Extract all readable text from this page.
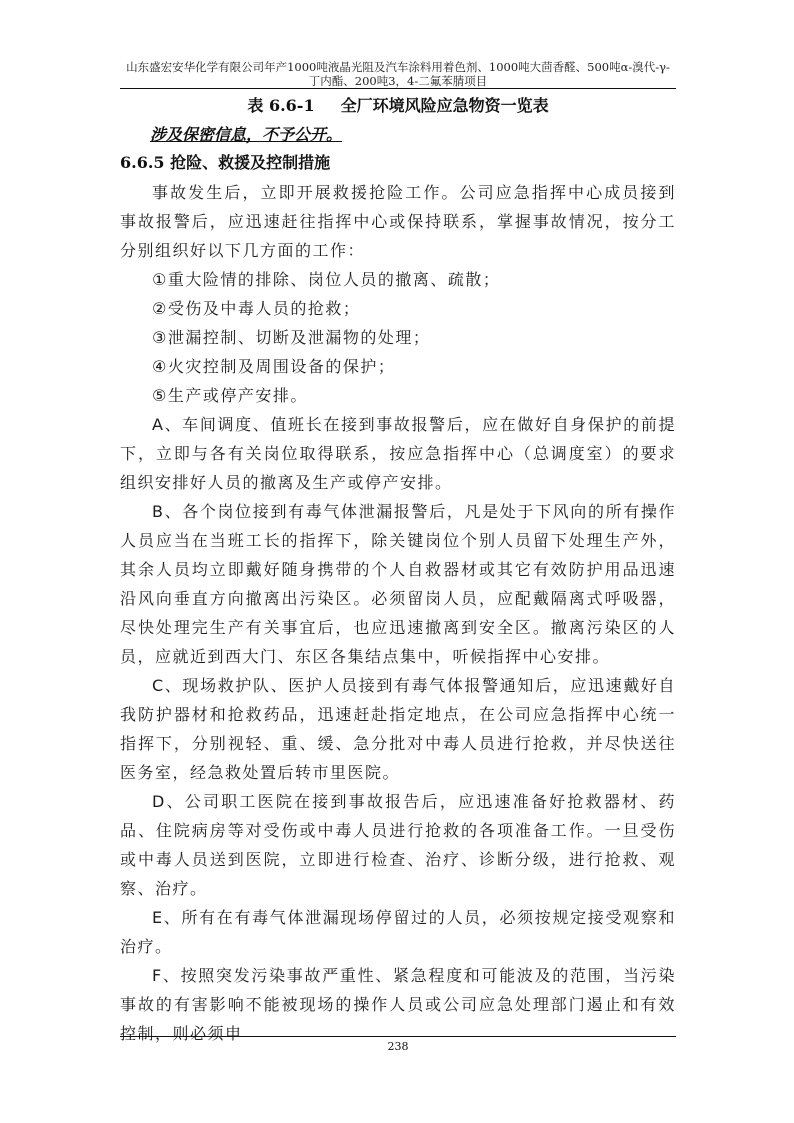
山东盛宏安华化学有限公司年产1000吨液晶光阻及汽车涂料用着色剂、1000吨大茴香醛、500吨α-溴代-γ-
丁内酯、200吨3，4-二氟苯腈项目
表 6.6-1 全厂环境风险应急物资一览表
涉及保密信息，不予公开。
6.6.5 抢险、救援及控制措施

事故发生后，立即开展救援抢险工作。公司应急指挥中心成员接到事故报警后，应迅速赶往指挥中心或保持联系，掌握事故情况，按分工分别组织好以下几方面的工作：

①重大险情的排除、岗位人员的撤离、疏散；

②受伤及中毒人员的抢救；

③泄漏控制、切断及泄漏物的处理；

④火灾控制及周围设备的保护；

⑤生产或停产安排。

A、车间调度、值班长在接到事故报警后，应在做好自身保护的前提下，立即与各有关岗位取得联系，按应急指挥中心（总调度室）的要求组织安排好人员的撤离及生产或停产安排。

B、各个岗位接到有毒气体泄漏报警后，凡是处于下风向的所有操作人员应当在当班工长的指挥下，除关键岗位个别人员留下处理生产外，其余人员均立即戴好随身携带的个人自救器材或其它有效防护用品迅速沿风向垂直方向撤离出污染区。必须留岗人员，应配戴隔离式呼吸器，尽快处理完生产有关事宜后，也应迅速撤离到安全区。撤离污染区的人员，应就近到西大门、东区各集结点集中，听候指挥中心安排。

C、现场救护队、医护人员接到有毒气体报警通知后，应迅速戴好自我防护器材和抢救药品，迅速赶赴指定地点，在公司应急指挥中心统一指挥下，分别视轻、重、缓、急分批对中毒人员进行抢救，并尽快送往医务室，经急救处置后转市里医院。

D、公司职工医院在接到事故报告后，应迅速准备好抢救器材、药品、住院病房等对受伤或中毒人员进行抢救的各项准备工作。一旦受伤或中毒人员送到医院，立即进行检查、治疗、诊断分级，进行抢救、观察、治疗。

E、所有在有毒气体泄漏现场停留过的人员，必须按规定接受观察和治疗。

F、按照突发污染事故严重性、紧急程度和可能波及的范围，当污染事故的有害影响不能被现场的操作人员或公司应急处理部门遏止和有效控制，则必须申

238
